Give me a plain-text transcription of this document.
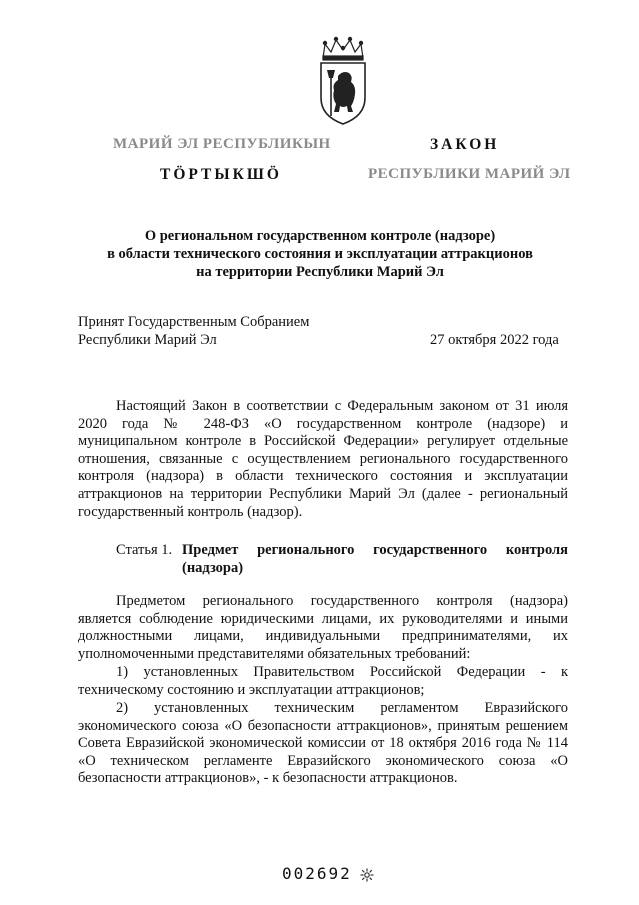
МАРИЙ ЭЛ РЕСПУБЛИКЫН
ТӦРТЫКШӦ
ЗАКОН
РЕСПУБЛИКИ МАРИЙ ЭЛ
О региональном государственном контроле (надзоре)
в области технического состояния и эксплуатации аттракционов
на территории Республики Марий Эл
Принят Государственным Собранием
Республики Марий Эл	27 октября 2022 года
Настоящий Закон в соответствии с Федеральным законом от 31 июля 2020 года № 248-ФЗ «О государственном контроле (надзоре) и муниципальном контроле в Российской Федерации» регулирует отдельные отношения, связанные с осуществлением регионального государственного контроля (надзора) в области технического состояния и эксплуатации аттракционов на территории Республики Марий Эл (далее - региональный государственный контроль (надзор).
Статья 1. Предмет регионального государственного контроля (надзора)
Предметом регионального государственного контроля (надзора) является соблюдение юридическими лицами, их руководителями и иными должностными лицами, индивидуальными предпринимателями, их уполномоченными представителями обязательных требований:
1) установленных Правительством Российской Федерации - к техническому состоянию и эксплуатации аттракционов;
2) установленных техническим регламентом Евразийского экономического союза «О безопасности аттракционов», принятым решением Совета Евразийской экономической комиссии от 18 октября 2016 года № 114 «О техническом регламенте Евразийского экономического союза «О безопасности аттракционов», - к безопасности аттракционов.
002692
